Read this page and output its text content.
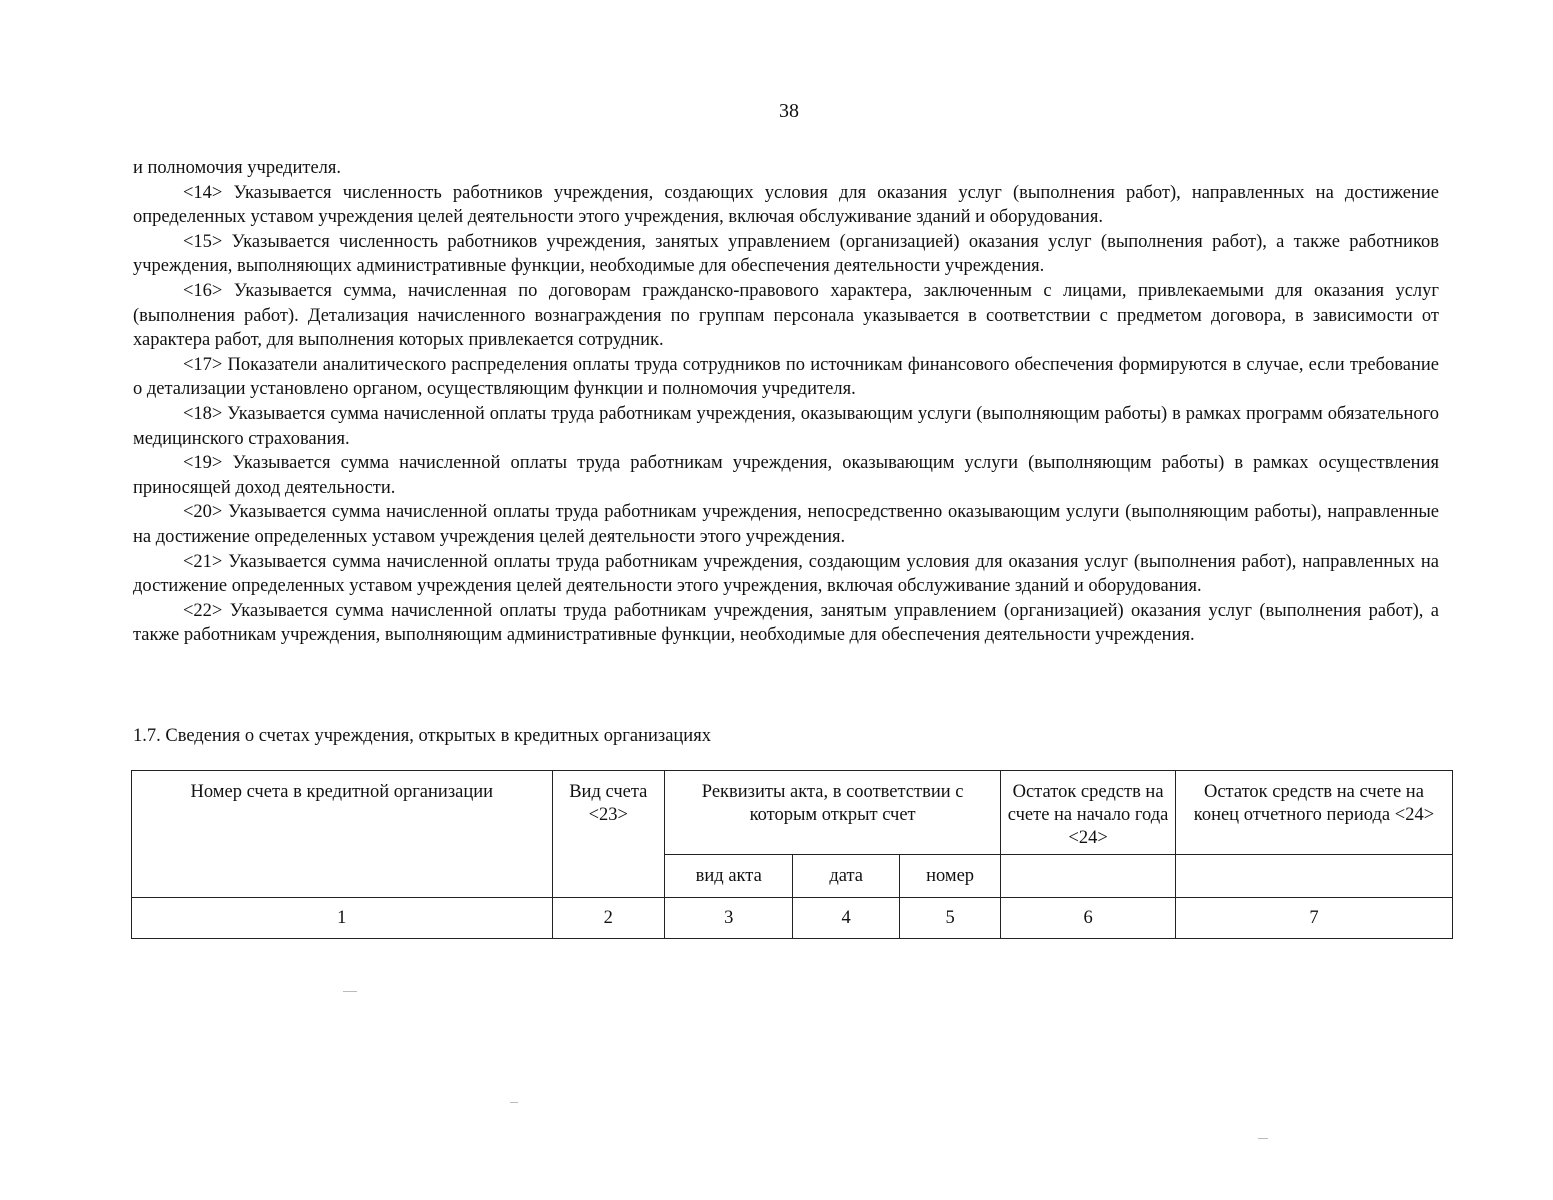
38

и полномочия учредителя.

<14> Указывается численность работников учреждения, создающих условия для оказания услуг (выполнения работ), направленных на достижение определенных уставом учреждения целей деятельности этого учреждения, включая обслуживание зданий и оборудования.

<15> Указывается численность работников учреждения, занятых управлением (организацией) оказания услуг (выполнения работ), а также работников учреждения, выполняющих административные функции, необходимые для обеспечения деятельности учреждения.

<16> Указывается сумма, начисленная по договорам гражданско-правового характера, заключенным с лицами, привлекаемыми для оказания услуг (выполнения работ). Детализация начисленного вознаграждения по группам персонала указывается в соответствии с предметом договора, в зависимости от характера работ, для выполнения которых привлекается сотрудник.

<17> Показатели аналитического распределения оплаты труда сотрудников по источникам финансового обеспечения формируются в случае, если требование о детализации установлено органом, осуществляющим функции и полномочия учредителя.

<18> Указывается сумма начисленной оплаты труда работникам учреждения, оказывающим услуги (выполняющим работы) в рамках программ обязательного медицинского страхования.

<19> Указывается сумма начисленной оплаты труда работникам учреждения, оказывающим услуги (выполняющим работы) в рамках осуществления приносящей доход деятельности.

<20> Указывается сумма начисленной оплаты труда работникам учреждения, непосредственно оказывающим услуги (выполняющим работы), направленные на достижение определенных уставом учреждения целей деятельности этого учреждения.

<21> Указывается сумма начисленной оплаты труда работникам учреждения, создающим условия для оказания услуг (выполнения работ), направленных на достижение определенных уставом учреждения целей деятельности этого учреждения, включая обслуживание зданий и оборудования.

<22> Указывается сумма начисленной оплаты труда работникам учреждения, занятым управлением (организацией) оказания услуг (выполнения работ), а также работникам учреждения, выполняющим административные функции, необходимые для обеспечения деятельности учреждения.

1.7. Сведения о счетах учреждения, открытых в кредитных организациях
Номер счета в кредитной организации	Вид счета <23>	Реквизиты акта, в соответствии с которым открыт счет			Остаток средств на счете на начало года <24>	Остаток средств на счете на конец отчетного периода <24>
		вид акта	дата	номер		
1	2	3	4	5	6	7
